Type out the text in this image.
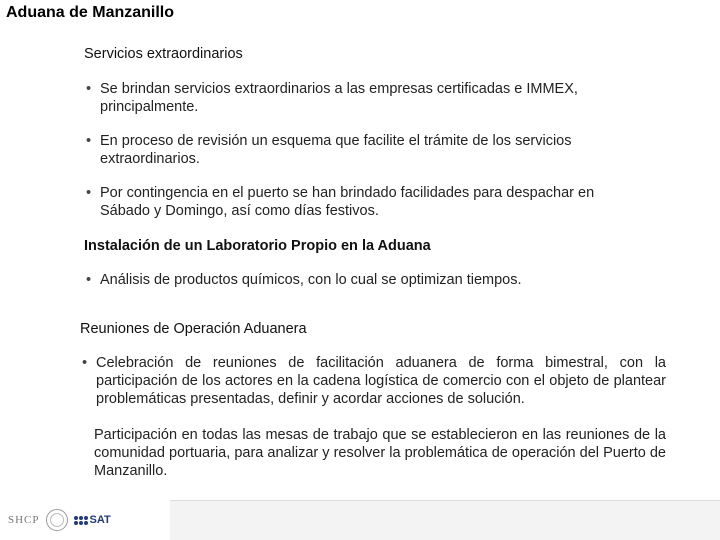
Aduana de Manzanillo
Servicios extraordinarios
• Se brindan servicios extraordinarios a las empresas certificadas e IMMEX, principalmente.
• En proceso de revisión un esquema que facilite el trámite de los servicios extraordinarios.
• Por contingencia en el puerto se han brindado facilidades para despachar en Sábado y Domingo, así como días festivos.
Instalación de un Laboratorio Propio en la Aduana
• Análisis de productos químicos, con lo cual se optimizan tiempos.
Reuniones de Operación Aduanera
• Celebración de reuniones de facilitación aduanera de forma bimestral, con la participación de los actores en la cadena logística de comercio con el objeto de plantear problemáticas presentadas, definir y acordar acciones de solución.
Participación en todas las mesas de trabajo que se establecieron en las reuniones de la comunidad portuaria, para analizar y resolver la problemática de operación del Puerto de Manzanillo.
SHCP	SAT
